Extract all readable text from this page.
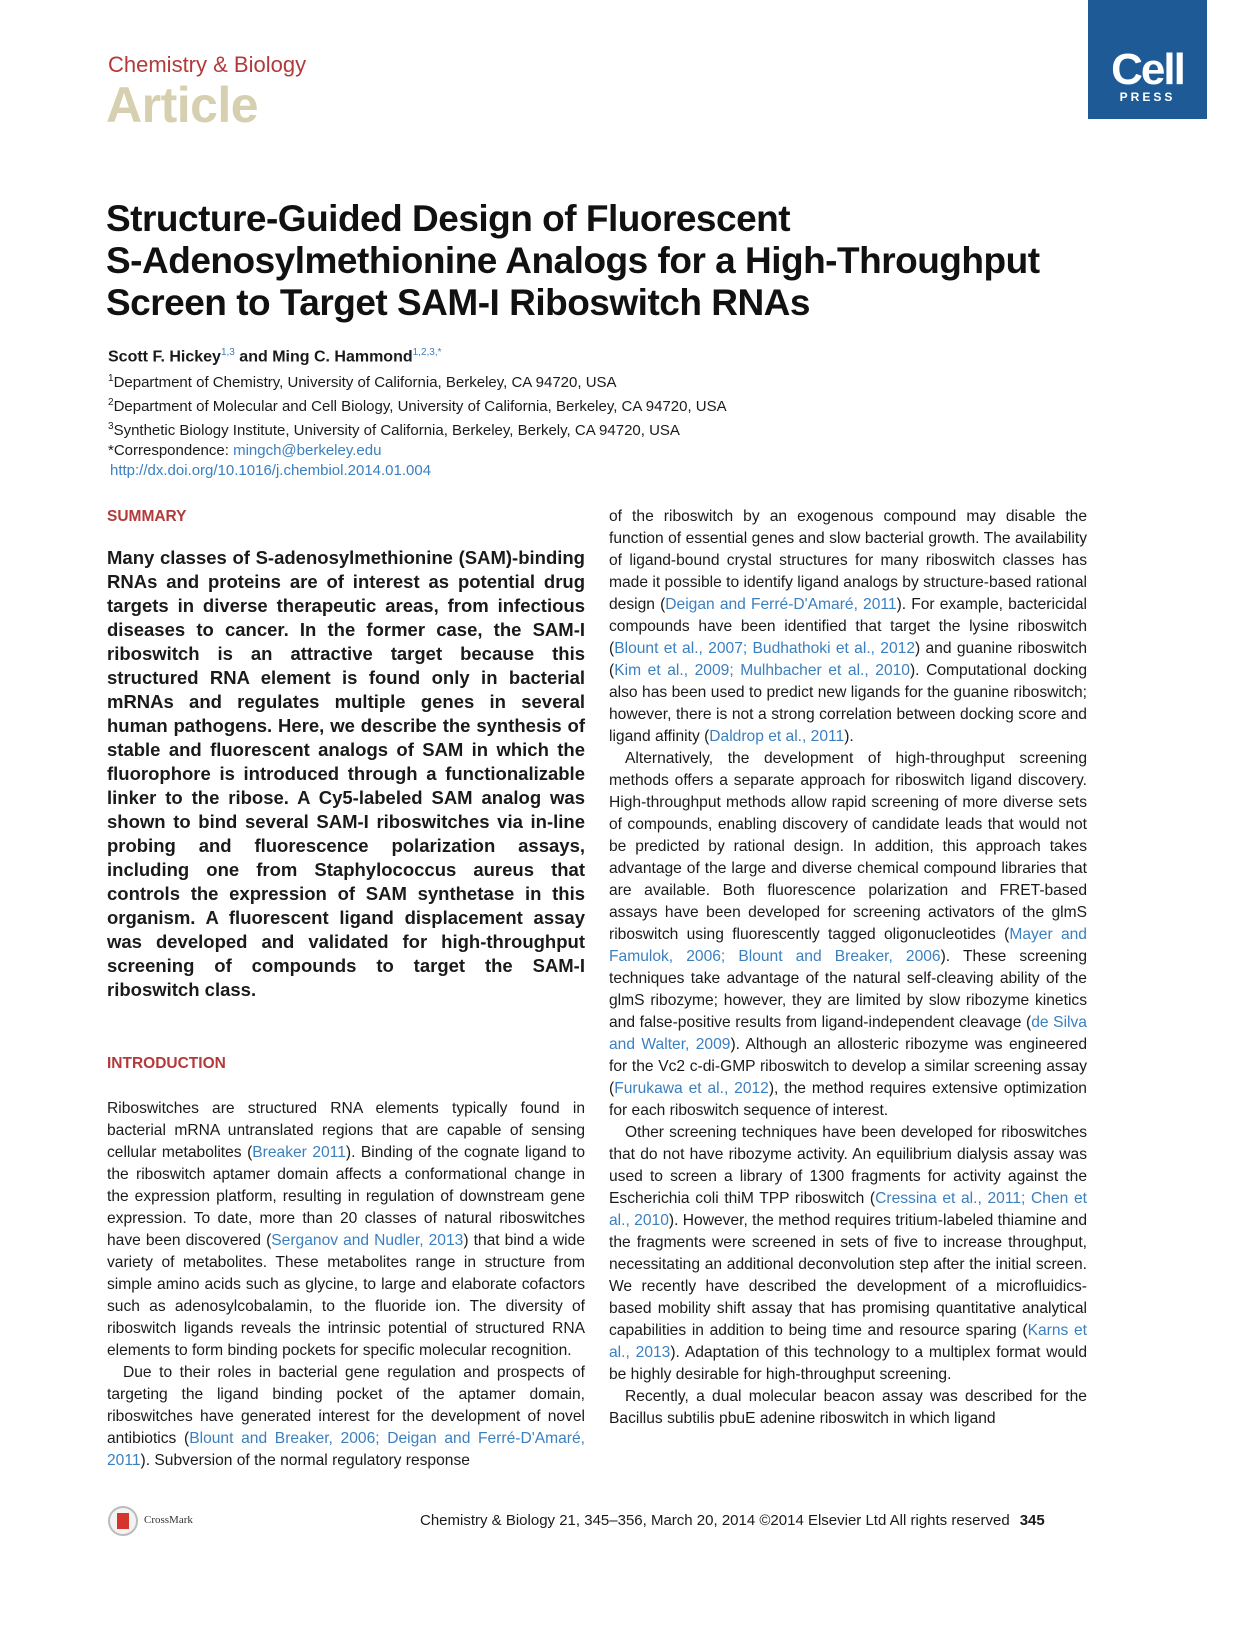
Chemistry & Biology
Article
Cell
PRESS
Structure-Guided Design of Fluorescent
S-Adenosylmethionine Analogs for a High-Throughput
Screen to Target SAM-I Riboswitch RNAs
Scott F. Hickey$^{1,3}$ and Ming C. Hammond$^{1,2,3,*}$
$^1$Department of Chemistry, University of California, Berkeley, CA 94720, USA
$^2$Department of Molecular and Cell Biology, University of California, Berkeley, CA 94720, USA
$^3$Synthetic Biology Institute, University of California, Berkeley, Berkely, CA 94720, USA
*Correspondence: mingch@berkeley.edu
http://dx.doi.org/10.1016/j.chembiol.2014.01.004
SUMMARY

Many classes of S-adenosylmethionine (SAM)-binding RNAs and proteins are of interest as potential drug targets in diverse therapeutic areas, from infectious diseases to cancer. In the former case, the SAM-I riboswitch is an attractive target because this structured RNA element is found only in bacterial mRNAs and regulates multiple genes in several human pathogens. Here, we describe the synthesis of stable and fluorescent analogs of SAM in which the fluorophore is introduced through a functionalizable linker to the ribose. A Cy5-labeled SAM analog was shown to bind several SAM-I riboswitches via in-line probing and fluorescence polarization assays, including one from Staphylococcus aureus that controls the expression of SAM synthetase in this organism. A fluorescent ligand displacement assay was developed and validated for high-throughput screening of compounds to target the SAM-I riboswitch class.

INTRODUCTION

Riboswitches are structured RNA elements typically found in bacterial mRNA untranslated regions that are capable of sensing cellular metabolites (Breaker 2011). Binding of the cognate ligand to the riboswitch aptamer domain affects a conformational change in the expression platform, resulting in regulation of downstream gene expression. To date, more than 20 classes of natural riboswitches have been discovered (Serganov and Nudler, 2013) that bind a wide variety of metabolites. These metabolites range in structure from simple amino acids such as glycine, to large and elaborate cofactors such as adenosylcobalamin, to the fluoride ion. The diversity of riboswitch ligands reveals the intrinsic potential of structured RNA elements to form binding pockets for specific molecular recognition.

Due to their roles in bacterial gene regulation and prospects of targeting the ligand binding pocket of the aptamer domain, riboswitches have generated interest for the development of novel antibiotics (Blount and Breaker, 2006; Deigan and Ferré-D'Amaré, 2011). Subversion of the normal regulatory response

of the riboswitch by an exogenous compound may disable the function of essential genes and slow bacterial growth. The availability of ligand-bound crystal structures for many riboswitch classes has made it possible to identify ligand analogs by structure-based rational design (Deigan and Ferré-D'Amaré, 2011). For example, bactericidal compounds have been identified that target the lysine riboswitch (Blount et al., 2007; Budhathoki et al., 2012) and guanine riboswitch (Kim et al., 2009; Mulhbacher et al., 2010). Computational docking also has been used to predict new ligands for the guanine riboswitch; however, there is not a strong correlation between docking score and ligand affinity (Daldrop et al., 2011).

Alternatively, the development of high-throughput screening methods offers a separate approach for riboswitch ligand discovery. High-throughput methods allow rapid screening of more diverse sets of compounds, enabling discovery of candidate leads that would not be predicted by rational design. In addition, this approach takes advantage of the large and diverse chemical compound libraries that are available. Both fluorescence polarization and FRET-based assays have been developed for screening activators of the glmS riboswitch using fluorescently tagged oligonucleotides (Mayer and Famulok, 2006; Blount and Breaker, 2006). These screening techniques take advantage of the natural self-cleaving ability of the glmS ribozyme; however, they are limited by slow ribozyme kinetics and false-positive results from ligand-independent cleavage (de Silva and Walter, 2009). Although an allosteric ribozyme was engineered for the Vc2 c-di-GMP riboswitch to develop a similar screening assay (Furukawa et al., 2012), the method requires extensive optimization for each riboswitch sequence of interest.

Other screening techniques have been developed for riboswitches that do not have ribozyme activity. An equilibrium dialysis assay was used to screen a library of 1300 fragments for activity against the Escherichia coli thiM TPP riboswitch (Cressina et al., 2011; Chen et al., 2010). However, the method requires tritium-labeled thiamine and the fragments were screened in sets of five to increase throughput, necessitating an additional deconvolution step after the initial screen. We recently have described the development of a microfluidics-based mobility shift assay that has promising quantitative analytical capabilities in addition to being time and resource sparing (Karns et al., 2013). Adaptation of this technology to a multiplex format would be highly desirable for high-throughput screening.

Recently, a dual molecular beacon assay was described for the Bacillus subtilis pbuE adenine riboswitch in which ligand

CrossMark	Chemistry & Biology 21, 345–356, March 20, 2014 ©2014 Elsevier Ltd All rights reserved 345
